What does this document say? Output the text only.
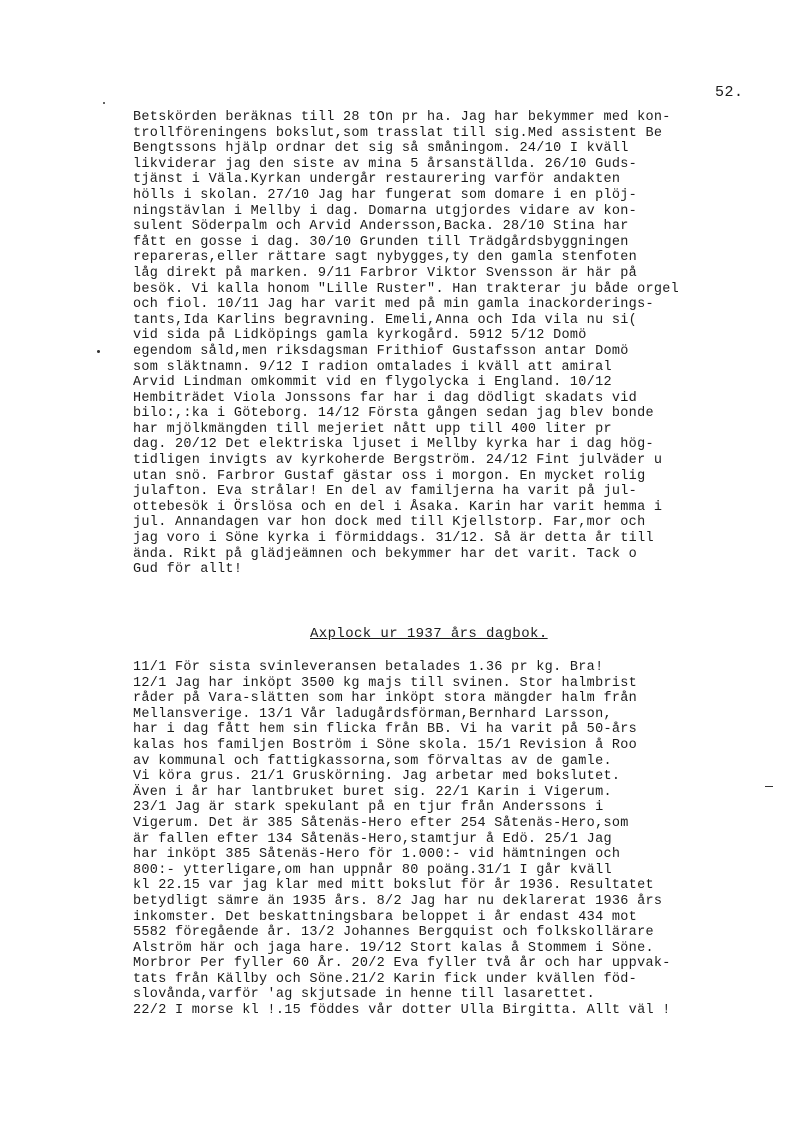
52.
Betskörden beräknas till 28 tOn pr ha. Jag har bekymmer med kon-
trollföreningens bokslut,som trasslat till sig.Med assistent Be
Bengtssons hjälp ordnar det sig så småningom. 24/10 I kväll
likviderar jag den siste av mina 5 årsanställda. 26/10 Guds-
tjänst i Väla.Kyrkan undergår restaurering varför andakten
hölls i skolan. 27/10 Jag har fungerat som domare i en plöj-
ningstävlan i Mellby i dag. Domarna utgjordes vidare av kon-
sulent Söderpalm och Arvid Andersson,Backa. 28/10 Stina har
fått en gosse i dag. 30/10 Grunden till Trädgårdsbyggningen
repareras,eller rättare sagt nybygges,ty den gamla stenfoten
låg direkt på marken. 9/11 Farbror Viktor Svensson är här på
besök. Vi kalla honom "Lille Ruster". Han trakterar ju både orgel
och fiol. 10/11 Jag har varit med på min gamla inackorderings-
tants,Ida Karlins begravning. Emeli,Anna och Ida vila nu si(
vid sida på Lidköpings gamla kyrkogård. 5912 5/12 Domö
egendom såld,men riksdagsman Frithiof Gustafsson antar Domö
som släktnamn. 9/12 I radion omtalades i kväll att amiral
Arvid Lindman omkommit vid en flygolycka i England. 10/12
Hembiträdet Viola Jonssons far har i dag dödligt skadats vid
bilo:,:ka i Göteborg. 14/12 Första gången sedan jag blev bonde
har mjölkmängden till mejeriet nått upp till 400 liter pr
dag. 20/12 Det elektriska ljuset i Mellby kyrka har i dag hög-
tidligen invigts av kyrkoherde Bergström. 24/12 Fint julväder u
utan snö. Farbror Gustaf gästar oss i morgon. En mycket rolig
julafton. Eva strålar! En del av familjerna ha varit på jul-
ottebesök i Örslösa och en del i Åsaka. Karin har varit hemma i
jul. Annandagen var hon dock med till Kjellstorp. Far,mor och
jag voro i Söne kyrka i förmiddags. 31/12. Så är detta år till
ända. Rikt på glädjeämnen och bekymmer har det varit. Tack o
Gud för allt!
Axplock ur 1937 års dagbok.
11/1 För sista svinleveransen betalades 1.36 pr kg. Bra!
12/1 Jag har inköpt 3500 kg majs till svinen. Stor halmbrist
råder på Vara-slätten som har inköpt stora mängder halm från
Mellansverige. 13/1 Vår ladugårdsförman,Bernhard Larsson,
har i dag fått hem sin flicka från BB. Vi ha varit på 50-års
kalas hos familjen Boström i Söne skola. 15/1 Revision å Roo
av kommunal och fattigkassorna,som förvaltas av de gamle.
Vi köra grus. 21/1 Gruskörning. Jag arbetar med bokslutet.
Även i år har lantbruket buret sig. 22/1 Karin i Vigerum.
23/1 Jag är stark spekulant på en tjur från Anderssons i
Vigerum. Det är 385 Såtenäs-Hero efter 254 Såtenäs-Hero,som
är fallen efter 134 Såtenäs-Hero,stamtjur å Edö. 25/1 Jag
har inköpt 385 Såtenäs-Hero för 1.000:- vid hämtningen och
800:- ytterligare,om han uppnår 80 poäng.31/1 I går kväll
kl 22.15 var jag klar med mitt bokslut för år 1936. Resultatet
betydligt sämre än 1935 års. 8/2 Jag har nu deklarerat 1936 års
inkomster. Det beskattningsbara beloppet i år endast 434 mot
5582 föregående år. 13/2 Johannes Bergquist och folkskollärare
Alström här och jaga hare. 19/12 Stort kalas å Stommem i Söne.
Morbror Per fyller 60 År. 20/2 Eva fyller två år och har uppvak-
tats från Källby och Söne.21/2 Karin fick under kvällen föd-
slovånda,varför 'ag skjutsade in henne till lasarettet.
22/2 I morse kl !.15 föddes vår dotter Ulla Birgitta. Allt väl !
